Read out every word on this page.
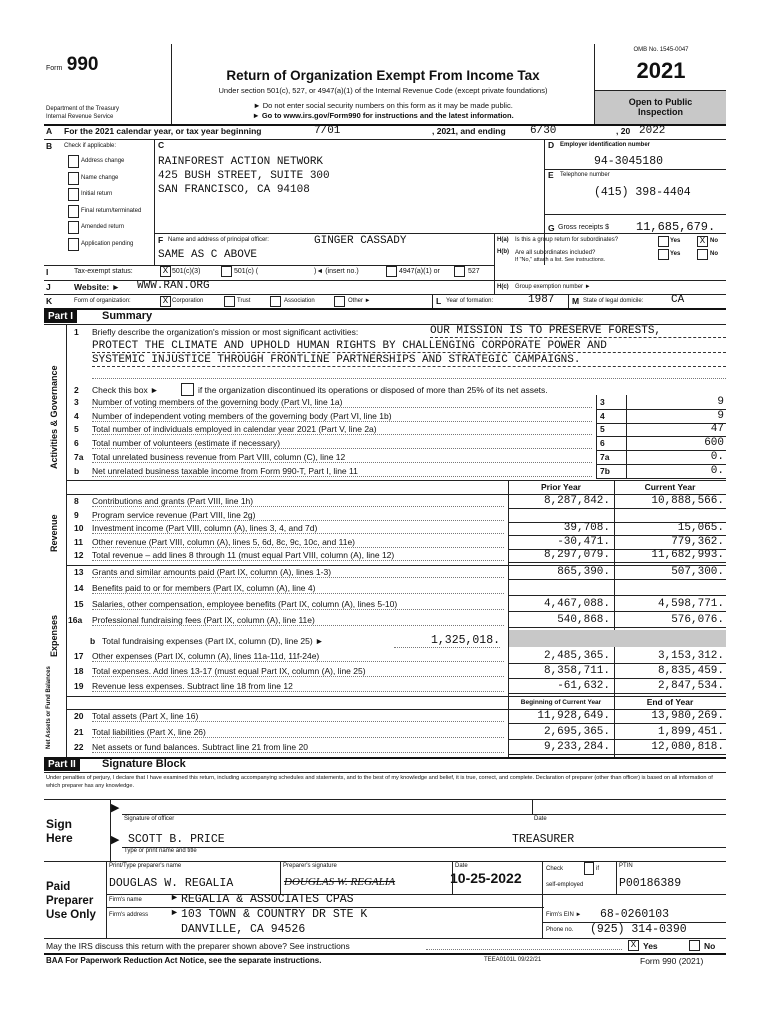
Form 990
Return of Organization Exempt From Income Tax
Under section 501(c), 527, or 4947(a)(1) of the Internal Revenue Code (except private foundations)
► Do not enter social security numbers on this form as it may be made public.
► Go to www.irs.gov/Form990 for instructions and the latest information.
Department of the Treasury
Internal Revenue Service
OMB No. 1545-0047
2021
Open to Public
Inspection
A For the 2021 calendar year, or tax year beginning	7/01	, 2021, and ending 6/30	, 20 2022
B Check if applicable:	C
RAINFOREST ACTION NETWORK
425 BUSH STREET, SUITE 300
SAN FRANCISCO, CA 94108
D Employer identification number
94-3045180
E Telephone number
(415) 398-4404
G Gross receipts $ 11,685,679.
F Name and address of principal officer:	GINGER CASSADY
SAME AS C ABOVE
H(a) Is this a group return for subordinates?	Yes	X No
H(b) Are all subordinates included?
If "No," attach a list. See instructions.
Yes	No
I	Tax-exempt status:	X 501(c)(3)	501(c) (	)◄ (insert no.)	4947(a)(1) or	527
J	Website: ► WWW.RAN.ORG	H(c) Group exemption number ►
K	Form of organization:	X Corporation	Trust	Association	Other ►	L Year of formation:	1987 M State of legal domicile:	CA
Part I	Summary
Activities & Governance
Revenue
Expenses
Net Assets or Fund Balances
1 Briefly describe the organization's mission or most significant activities:	OUR MISSION IS TO PRESERVE FORESTS,
PROTECT THE CLIMATE AND UPHOLD HUMAN RIGHTS BY CHALLENGING CORPORATE POWER AND
SYSTEMIC INJUSTICE THROUGH FRONTLINE PARTNERSHIPS AND STRATEGIC CAMPAIGNS.
2 Check this box ►	if the organization discontinued its operations or disposed of more than 25% of its net assets.
Prior Year	Current Year
b Total fundraising expenses (Part IX, column (D), line 25) ►	1,325,018.
Beginning of Current Year	End of Year
Part II	Signature Block
Under penalties of perjury, I declare that I have examined this return, including accompanying schedules and statements, and to the best of my knowledge and belief, it is true, correct, and complete. Declaration of preparer (other than officer) is based on all information of which preparer has any knowledge.
Sign
Here
▶
Signature of officer	Date
▶ SCOTT B. PRICE	TREASURER
Type or print name and title
Paid
Preparer
Use Only
Print/Type preparer's name	Preparer's signature	Date	Check	if
self-employed
PTIN
DOUGLAS W. REGALIA	DOUGLAS W. REGALIA	10-25-2022	P00186389
Firm's name	► REGALIA & ASSOCIATES CPAS
Firm's address ► 103 TOWN & COUNTRY DR STE K
DANVILLE, CA 94526
Firm's EIN ► 68-0260103
Phone no. (925) 314-0390
May the IRS discuss this return with the preparer shown above? See instructions	X Yes	No
BAA For Paperwork Reduction Act Notice, see the separate instructions.	TEEA0101L 09/22/21	Form 990 (2021)
Address change
Name change
Initial return
Final return/terminated
Amended return
Application pending
3 Number of voting members of the governing body (Part VI, line 1a)	3	9
4 Number of independent voting members of the governing body (Part VI, line 1b)	4	9
5 Total number of individuals employed in calendar year 2021 (Part V, line 2a)	5	47
6 Total number of volunteers (estimate if necessary)	6	600
7a Total unrelated business revenue from Part VIII, column (C), line 12	7a	0.
b Net unrelated business taxable income from Form 990-T, Part I, line 11	7b	0.
8 Contributions and grants (Part VIII, line 1h)	8,287,842.	10,888,566.
9 Program service revenue (Part VIII, line 2g)
10 Investment income (Part VIII, column (A), lines 3, 4, and 7d)	39,708.	15,065.
11 Other revenue (Part VIII, column (A), lines 5, 6d, 8c, 9c, 10c, and 11e)	-30,471.	779,362.
12 Total revenue – add lines 8 through 11 (must equal Part VIII, column (A), line 12)	8,297,079.	11,682,993.
13 Grants and similar amounts paid (Part IX, column (A), lines 1-3)	865,390.	507,300.
14 Benefits paid to or for members (Part IX, column (A), line 4)
15 Salaries, other compensation, employee benefits (Part IX, column (A), lines 5-10)	4,467,088.	4,598,771.
16a Professional fundraising fees (Part IX, column (A), line 11e)	540,868.	576,076.
17 Other expenses (Part IX, column (A), lines 11a-11d, 11f-24e)	2,485,365.	3,153,312.
18 Total expenses. Add lines 13-17 (must equal Part IX, column (A), line 25)	8,358,711.	8,835,459.
19 Revenue less expenses. Subtract line 18 from line 12	-61,632.	2,847,534.
20 Total assets (Part X, line 16)	11,928,649.	13,980,269.
21 Total liabilities (Part X, line 26)	2,695,365.	1,899,451.
22 Net assets or fund balances. Subtract line 21 from line 20	9,233,284.	12,080,818.
